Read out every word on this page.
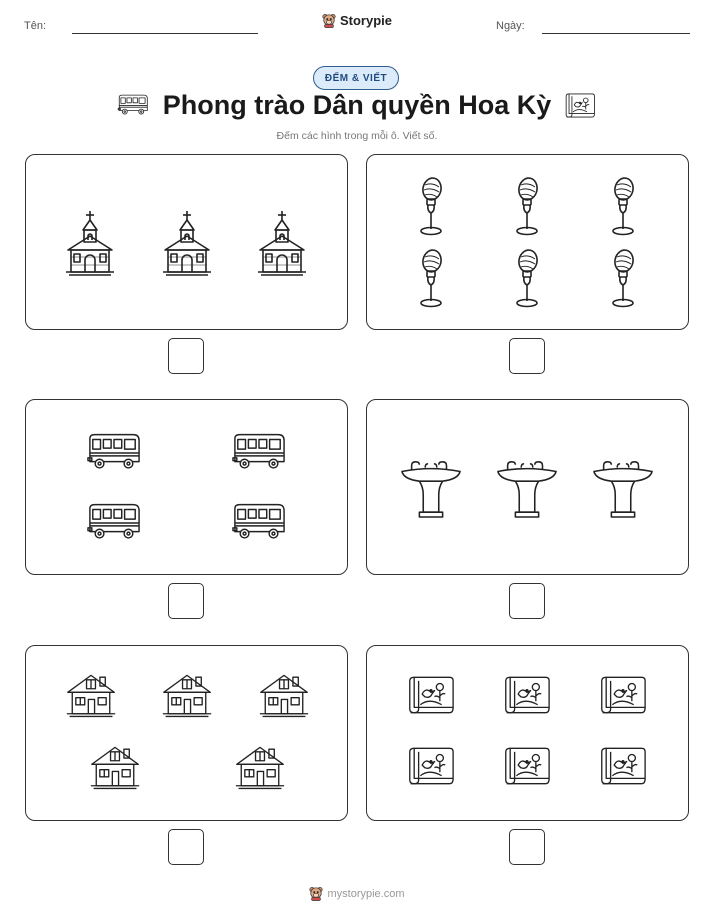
Tên:	Storypie	Ngày:
ĐẾM & VIẾT
Phong trào Dân quyền Hoa Kỳ
Đếm các hình trong mỗi ô. Viết số.
mystorypie.com
